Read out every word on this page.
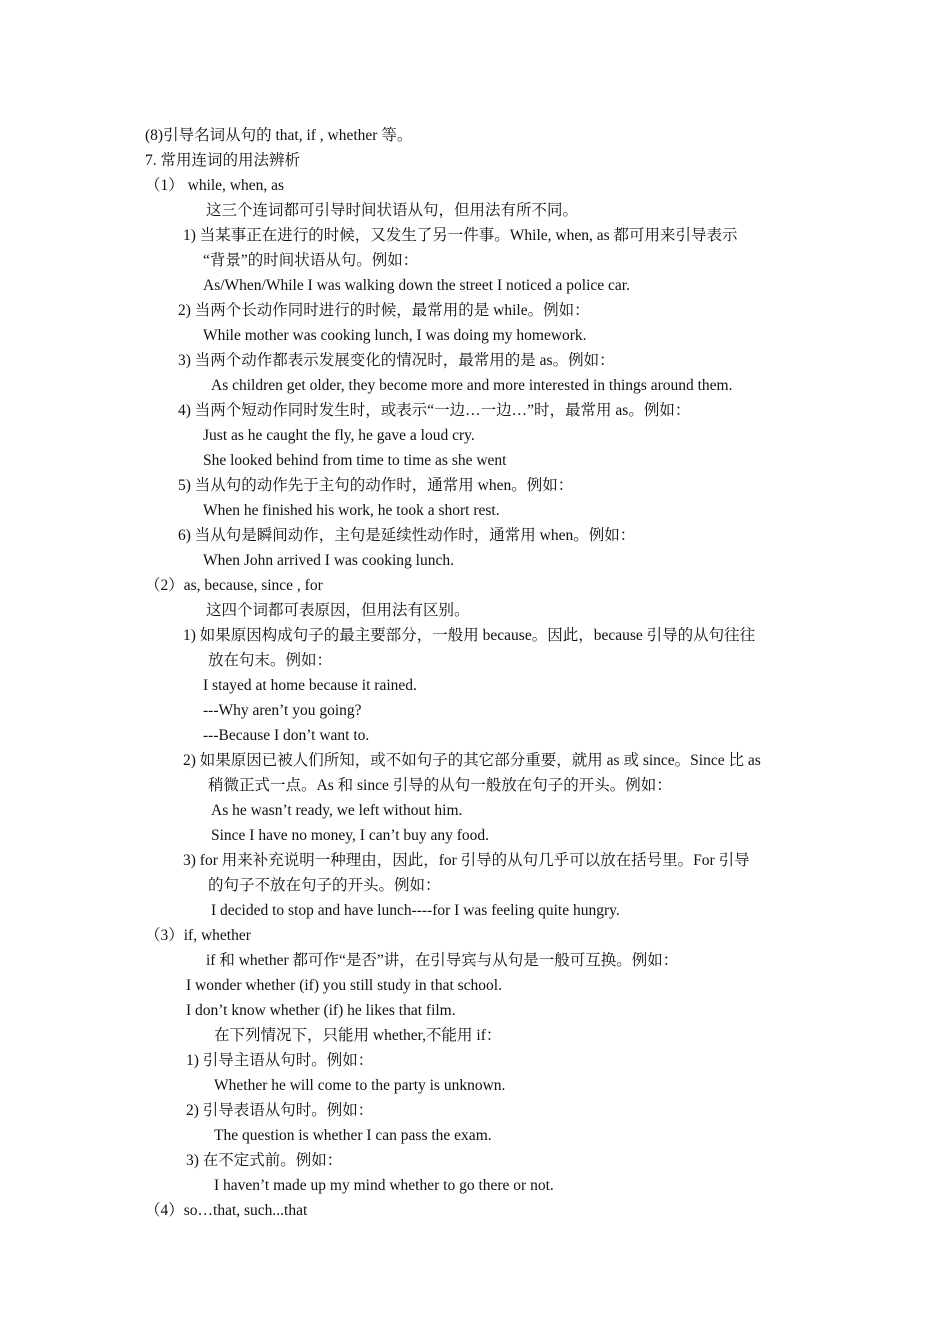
(8)引导名词从句的 that, if , whether 等。
7. 常用连词的用法辨析
（1） while, when, as
这三个连词都可引导时间状语从句，但用法有所不同。
1) 当某事正在进行的时候，又发生了另一件事。While, when, as 都可用来引导表示
“背景”的时间状语从句。例如：
As/When/While I was walking down the street I noticed a police car.
2) 当两个长动作同时进行的时候，最常用的是 while。例如：
While mother was cooking lunch, I was doing my homework.
3) 当两个动作都表示发展变化的情况时，最常用的是 as。例如：
As children get older, they become more and more interested in things around them.
4) 当两个短动作同时发生时，或表示“一边…一边…”时，最常用 as。例如：
Just as he caught the fly, he gave a loud cry.
She looked behind from time to time as she went
5) 当从句的动作先于主句的动作时，通常用 when。例如：
When he finished his work, he took a short rest.
6) 当从句是瞬间动作，主句是延续性动作时，通常用 when。例如：
When John arrived I was cooking lunch.
（2）as, because, since , for
这四个词都可表原因，但用法有区别。
1) 如果原因构成句子的最主要部分，一般用 because。因此，because 引导的从句往往
放在句末。例如：
I stayed at home because it rained.
---Why aren’t you going?
---Because I don’t want to.
2) 如果原因已被人们所知，或不如句子的其它部分重要，就用 as 或 since。Since 比 as
稍微正式一点。As 和 since 引导的从句一般放在句子的开头。例如：
As he wasn’t ready, we left without him.
Since I have no money, I can’t buy any food.
3) for 用来补充说明一种理由，因此，for 引导的从句几乎可以放在括号里。For 引导
的句子不放在句子的开头。例如：
I decided to stop and have lunch----for I was feeling quite hungry.
（3）if, whether
if 和 whether 都可作“是否”讲，在引导宾与从句是一般可互换。例如：
I wonder whether (if) you still study in that school.
I don’t know whether (if) he likes that film.
在下列情况下，只能用 whether,不能用 if：
1) 引导主语从句时。例如：
Whether he will come to the party is unknown.
2) 引导表语从句时。例如：
The question is whether I can pass the exam.
3) 在不定式前。例如：
I haven’t made up my mind whether to go there or not.
（4）so…that, such...that
